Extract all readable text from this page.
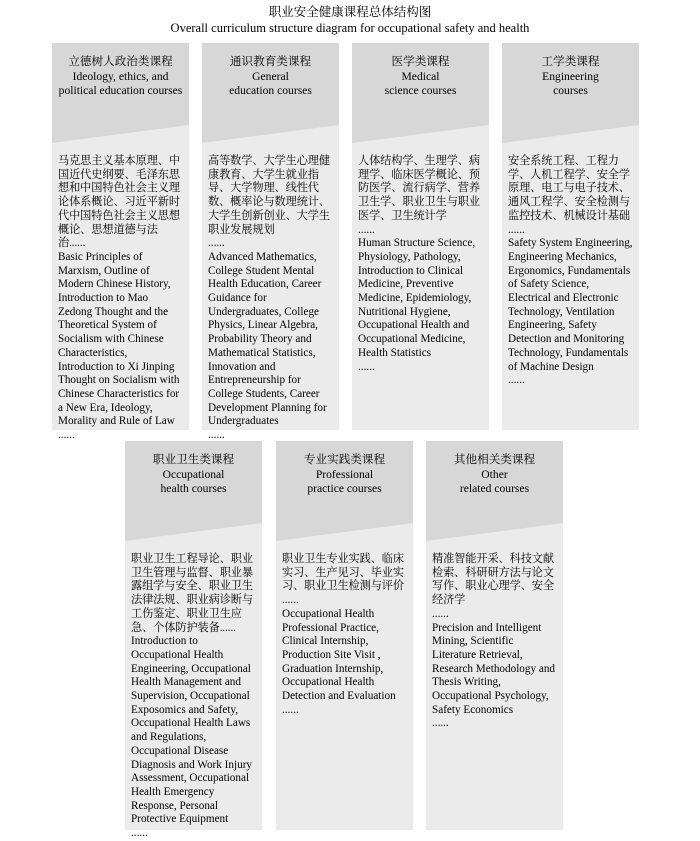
职业安全健康课程总体结构图
Overall curriculum structure diagram for occupational safety and health
立德树人政治类课程
Ideology, ethics, and
political education courses
马克思主义基本原理、中国近代史纲要、毛泽东思想和中国特色社会主义理论体系概论、习近平新时代中国特色社会主义思想概论、思想道德与法治......
Basic Principles of Marxism, Outline of Modern Chinese History, Introduction to Mao Zedong Thought and the Theoretical System of Socialism with Chinese Characteristics, Introduction to Xi Jinping Thought on Socialism with Chinese Characteristics for a New Era, Ideology, Morality and Rule of Law
......
通识教育类课程
General
education courses
高等数学、大学生心理健康教育、大学生就业指导、大学物理、线性代数、概率论与数理统计、大学生创新创业、大学生职业发展规划
......
Advanced Mathematics, College Student Mental Health Education, Career Guidance for Undergraduates, College Physics, Linear Algebra, Probability Theory and Mathematical Statistics, Innovation and Entrepreneurship for College Students, Career Development Planning for Undergraduates
......
医学类课程
Medical
science courses
人体结构学、生理学、病理学、临床医学概论、预防医学、流行病学、营养卫生学、职业卫生与职业医学、卫生统计学
......
Human Structure Science, Physiology, Pathology, Introduction to Clinical Medicine, Preventive Medicine, Epidemiology, Nutritional Hygiene, Occupational Health and Occupational Medicine, Health Statistics
......
工学类课程
Engineering
courses
安全系统工程、工程力学、人机工程学、安全学原理、电工与电子技术、通风工程学、安全检测与监控技术、机械设计基础
......
Safety System Engineering, Engineering Mechanics, Ergonomics, Fundamentals of Safety Science, Electrical and Electronic Technology, Ventilation Engineering, Safety Detection and Monitoring Technology, Fundamentals of Machine Design
......
职业卫生类课程
Occupational
health courses
职业卫生工程导论、职业卫生管理与监督、职业暴露组学与安全、职业卫生法律法规、职业病诊断与工伤鉴定、职业卫生应急、个体防护装备......
Introduction to Occupational Health Engineering, Occupational Health Management and Supervision, Occupational Exposomics and Safety, Occupational Health Laws and Regulations, Occupational Disease Diagnosis and Work Injury Assessment, Occupational Health Emergency Response, Personal Protective Equipment
......
专业实践类课程
Professional
practice courses
职业卫生专业实践、临床实习、生产见习、毕业实习、职业卫生检测与评价
......
Occupational Health Professional Practice, Clinical Internship, Production Site Visit , Graduation Internship, Occupational Health Detection and Evaluation
......
其他相关类课程
Other
related courses
精准智能开采、科技文献检索、科研研方法与论文写作、职业心理学、安全经济学
......
Precision and Intelligent Mining, Scientific Literature Retrieval, Research Methodology and Thesis Writing, Occupational Psychology, Safety Economics
......
